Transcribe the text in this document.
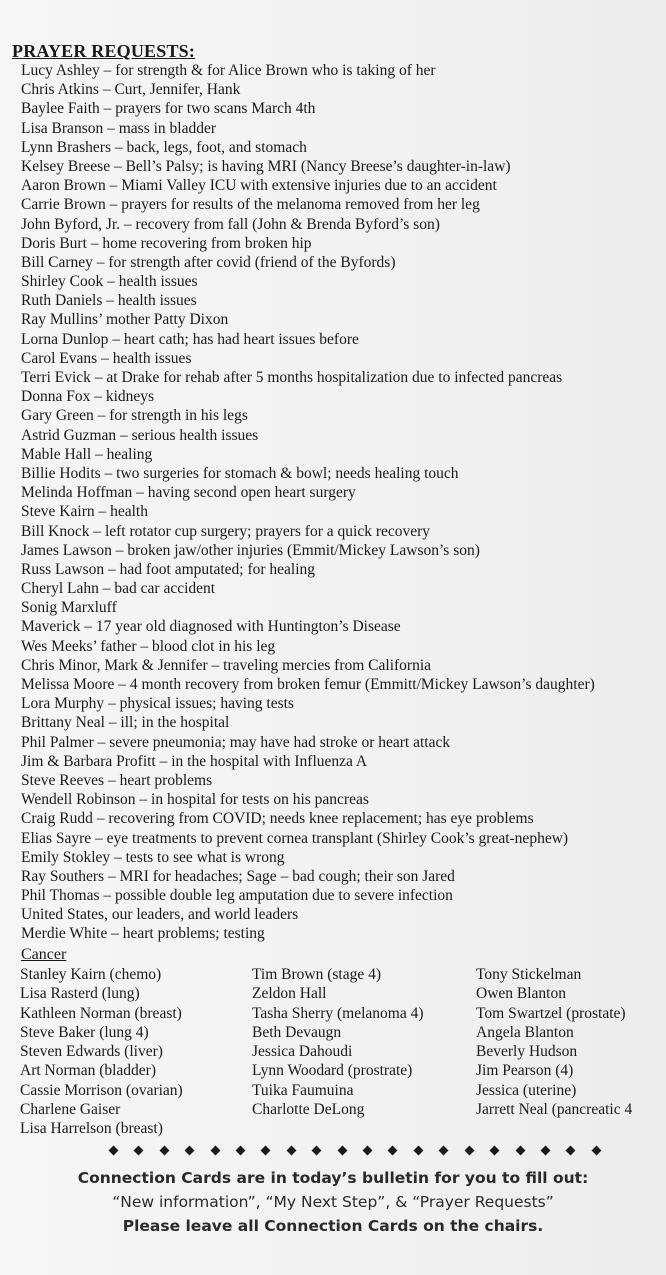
PRAYER REQUESTS:
Lucy Ashley – for strength & for Alice Brown who is taking of her
Chris Atkins – Curt, Jennifer, Hank
Baylee Faith – prayers for two scans March 4th
Lisa Branson – mass in bladder
Lynn Brashers – back, legs, foot, and stomach
Kelsey Breese – Bell’s Palsy; is having MRI (Nancy Breese’s daughter-in-law)
Aaron Brown – Miami Valley ICU with extensive injuries due to an accident
Carrie Brown – prayers for results of the melanoma removed from her leg
John Byford, Jr. – recovery from fall (John & Brenda Byford’s son)
Doris Burt – home recovering from broken hip
Bill Carney – for strength after covid (friend of the Byfords)
Shirley Cook – health issues
Ruth Daniels – health issues
Ray Mullins’ mother Patty Dixon
Lorna Dunlop – heart cath; has had heart issues before
Carol Evans – health issues
Terri Evick – at Drake for rehab after 5 months hospitalization due to infected pancreas
Donna Fox – kidneys
Gary Green – for strength in his legs
Astrid Guzman – serious health issues
Mable Hall – healing
Billie Hodits – two surgeries for stomach & bowl; needs healing touch
Melinda Hoffman – having second open heart surgery
Steve Kairn – health
Bill Knock – left rotator cup surgery; prayers for a quick recovery
James Lawson – broken jaw/other injuries (Emmit/Mickey Lawson’s son)
Russ Lawson – had foot amputated; for healing
Cheryl Lahn – bad car accident
Sonig Marxluff
Maverick – 17 year old diagnosed with Huntington’s Disease
Wes Meeks’ father – blood clot in his leg
Chris Minor, Mark & Jennifer – traveling mercies from California
Melissa Moore – 4 month recovery from broken femur (Emmitt/Mickey Lawson’s daughter)
Lora Murphy – physical issues; having tests
Brittany Neal – ill; in the hospital
Phil Palmer – severe pneumonia; may have had stroke or heart attack
Jim & Barbara Profitt – in the hospital with Influenza A
Steve Reeves – heart problems
Wendell Robinson – in hospital for tests on his pancreas
Craig Rudd – recovering from COVID; needs knee replacement; has eye problems
Elias Sayre – eye treatments to prevent cornea transplant (Shirley Cook’s great-nephew)
Emily Stokley – tests to see what is wrong
Ray Southers – MRI for headaches; Sage – bad cough; their son Jared
Phil Thomas – possible double leg amputation due to severe infection
United States, our leaders, and world leaders
Merdie White – heart problems; testing
Cancer
Stanley Kairn (chemo)
Lisa Rasterd (lung)
Kathleen Norman (breast)
Steve Baker (lung 4)
Steven Edwards (liver)
Art Norman (bladder)
Cassie Morrison (ovarian)
Charlene Gaiser
Lisa Harrelson (breast)
Tim Brown (stage 4)
Zeldon Hall
Tasha Sherry (melanoma 4)
Beth Devaugn
Jessica Dahoudi
Lynn Woodard (prostrate)
Tuika Faumuina
Charlotte DeLong
Tony Stickelman
Owen Blanton
Tom Swartzel (prostate)
Angela Blanton
Beverly Hudson
Jim Pearson (4)
Jessica (uterine)
Jarrett Neal (pancreatic 4
Connection Cards are in today’s bulletin for you to fill out:
“New information”, “My Next Step”, & “Prayer Requests”
Please leave all Connection Cards on the chairs.
